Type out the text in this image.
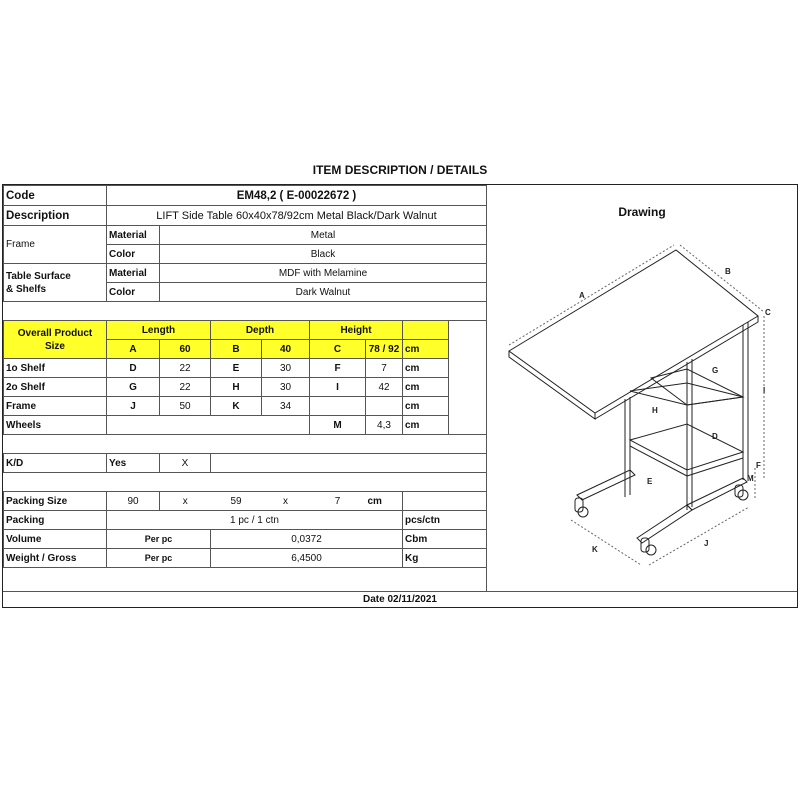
ITEM DESCRIPTION / DETAILS
Code	EM48,2 ( E-00022672 )							
Description	LIFT Side Table 60x40x78/92cm Metal Black/Dark Walnut							
Frame	Material	Metal						
	Color	Black						
Table Surface
& Shelfs	Material	MDF with Melamine						
	Color	Dark Walnut						

Overall Product
Size	Length		Depth		Height			
	A	60	B	40	C	78 / 92	cm	
1o Shelf	D	22	E	30	F	7	cm	
2o Shelf	G	22	H	30	I	42	cm	
Frame	J	50	K	34			cm	
Wheels					M	4,3	cm	

K/D	Yes	X						

Packing Size	90	x	59	x	7	cm		
Packing	1 pc / 1 ctn						pcs/ctn	
Volume	Per pc		0,0372				Cbm	
Weight / Gross	Per pc		6,4500				Kg	
Drawing
A
B
C
D
E
F
G
H
I
J
K
M
Date 02/11/2021
